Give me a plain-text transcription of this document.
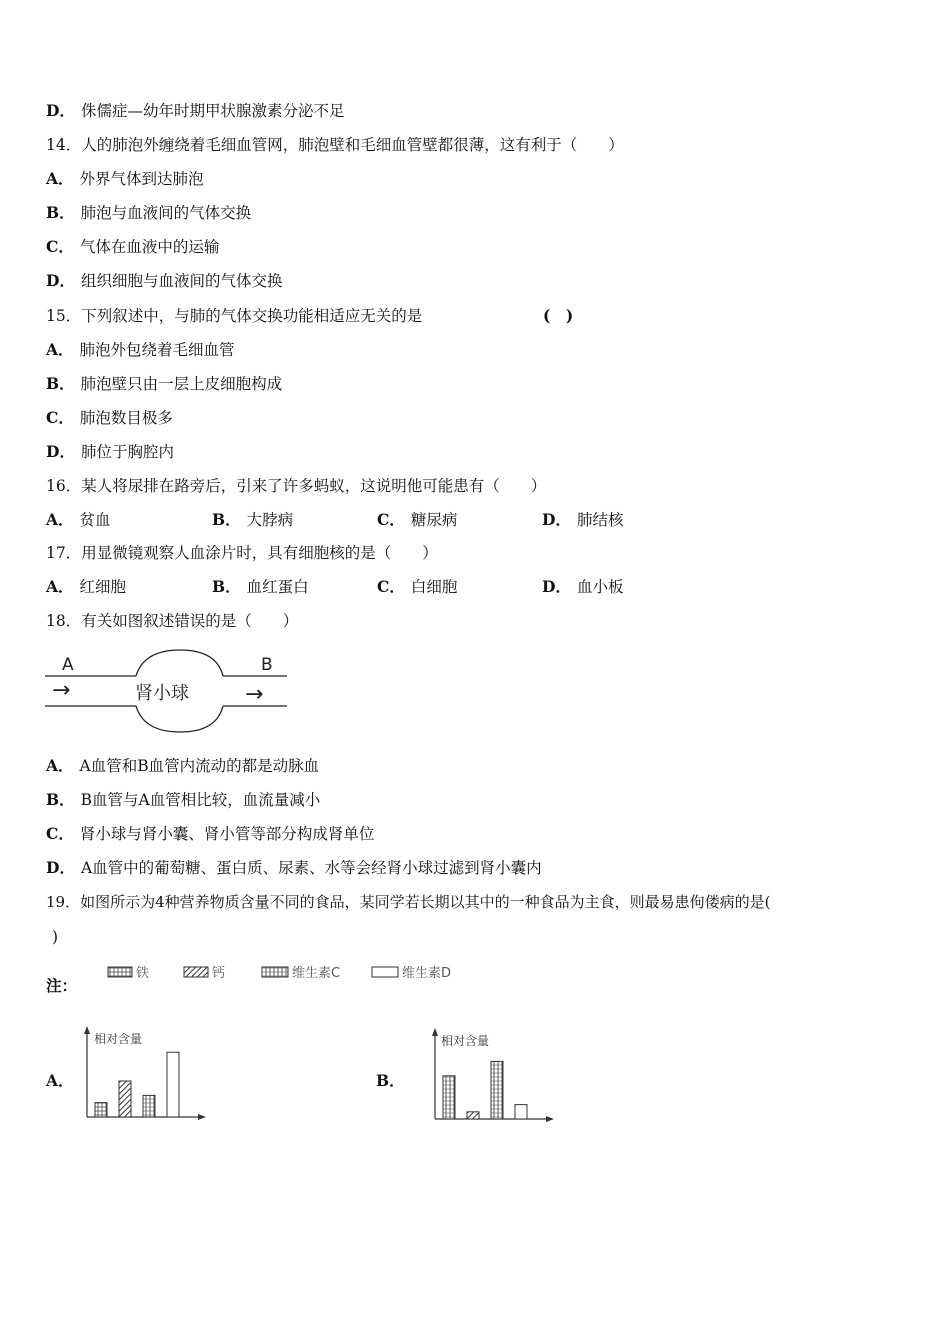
D． 侏儒症—幼年时期甲状腺激素分泌不足
14．人的肺泡外缠绕着毛细血管网，肺泡壁和毛细血管壁都很薄，这有利于（　　）
A． 外界气体到达肺泡
B． 肺泡与血液间的气体交换
C． 气体在血液中的运输
D． 组织细胞与血液间的气体交换
15．下列叙述中，与肺的气体交换功能相适应无关的是	(　)
A． 肺泡外包绕着毛细血管
B． 肺泡壁只由一层上皮细胞构成
C． 肺泡数目极多
D． 肺位于胸腔内
16．某人将尿排在路旁后，引来了许多蚂蚁，这说明他可能患有（　　）
A． 贫血	B． 大脖病	C． 糖尿病	D． 肺结核
17．用显微镜观察人血涂片时，具有细胞核的是（　　）
A． 红细胞	B． 血红蛋白	C． 白细胞	D． 血小板
18．有关如图叙述错误的是（　　）
A	B
→	→
肾小球
A． A血管和B血管内流动的都是动脉血
B． B血管与A血管相比较，血流量减小
C． 肾小球与肾小囊、肾小管等部分构成肾单位
D． A血管中的葡萄糖、蛋白质、尿素、水等会经肾小球过滤到肾小囊内
19．如图所示为4种营养物质含量不同的食品，某同学若长期以其中的一种食品为主食，则最易患佝偻病的是(
)
注：
铁	钙	维生素C	维生素D
A．
相对含量
B．
相对含量
